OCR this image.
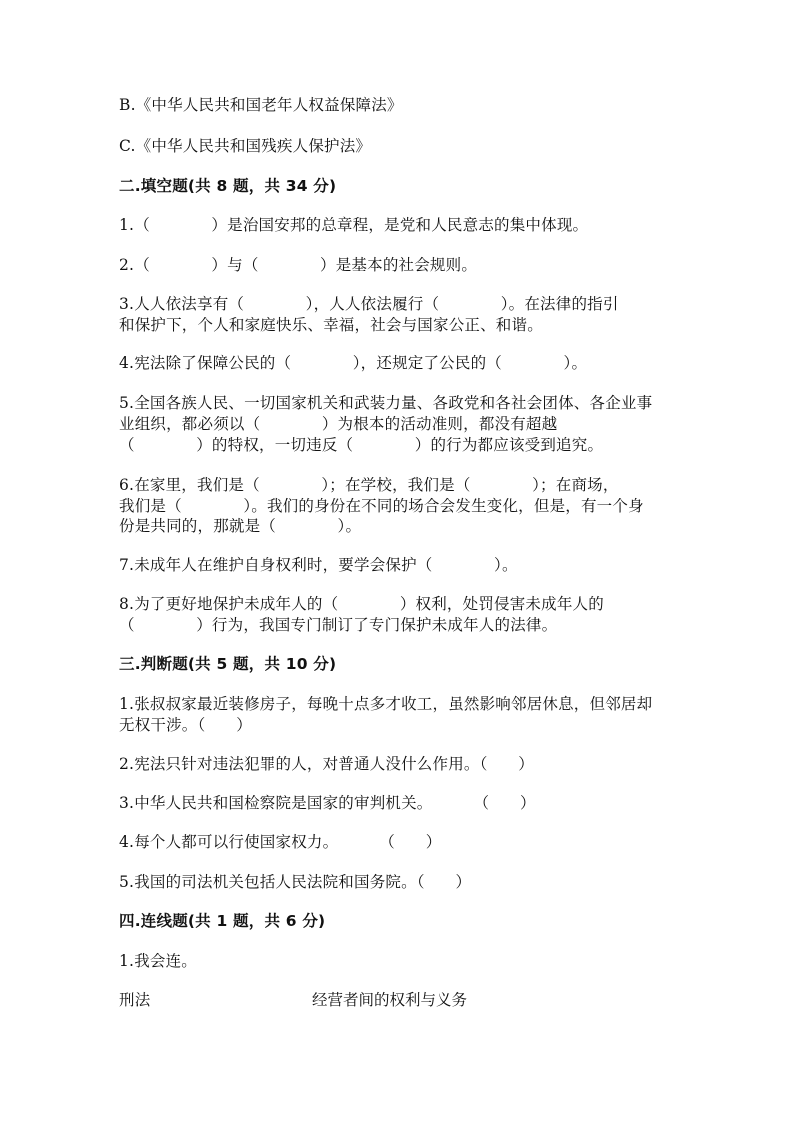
B.《中华人民共和国老年人权益保障法》
C.《中华人民共和国残疾人保护法》
二.填空题(共 8 题，共 34 分)
1.（            ）是治国安邦的总章程，是党和人民意志的集中体现。
2.（            ）与（            ）是基本的社会规则。
3.人人依法享有（            ），人人依法履行（            ）。在法律的指引
和保护下，个人和家庭快乐、幸福，社会与国家公正、和谐。
4.宪法除了保障公民的（            ），还规定了公民的（            ）。
5.全国各族人民、一切国家机关和武装力量、各政党和各社会团体、各企业事
业组织，都必须以（            ）为根本的活动准则，都没有超越
（            ）的特权，一切违反（            ）的行为都应该受到追究。
6.在家里，我们是（            ）；在学校，我们是（            ）；在商场，
我们是（            ）。我们的身份在不同的场合会发生变化，但是，有一个身
份是共同的，那就是（            ）。
7.未成年人在维护自身权利时，要学会保护（            ）。
8.为了更好地保护未成年人的（            ）权利，处罚侵害未成年人的
（            ）行为，我国专门制订了专门保护未成年人的法律。
三.判断题(共 5 题，共 10 分)
1.张叔叔家最近装修房子，每晚十点多才收工，虽然影响邻居休息，但邻居却
无权干涉。（      ）
2.宪法只针对违法犯罪的人，对普通人没什么作用。（      ）
3.中华人民共和国检察院是国家的审判机关。        （      ）
4.每个人都可以行使国家权力。        （      ）
5.我国的司法机关包括人民法院和国务院。（      ）
四.连线题(共 1 题，共 6 分)
1.我会连。
刑法	经营者间的权利与义务
